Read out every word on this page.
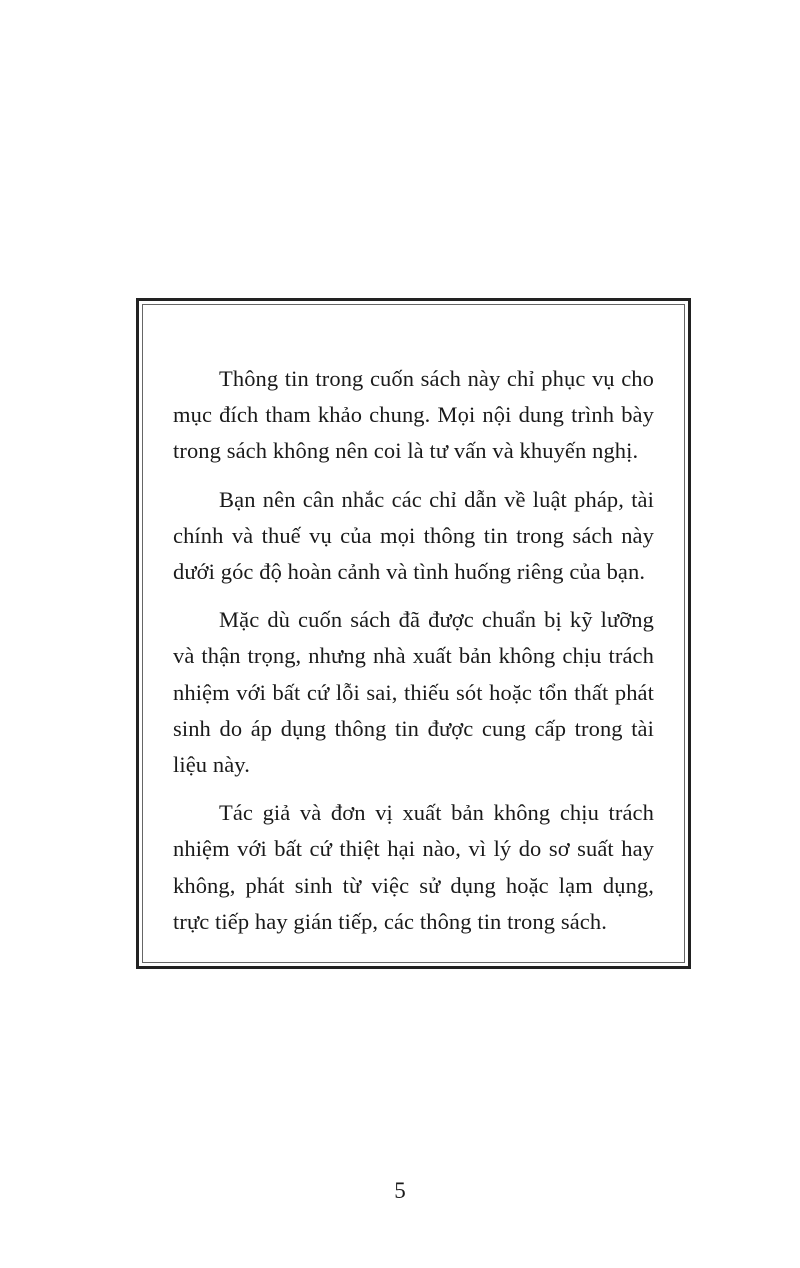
Thông tin trong cuốn sách này chỉ phục vụ cho mục đích tham khảo chung. Mọi nội dung trình bày trong sách không nên coi là tư vấn và khuyến nghị.

Bạn nên cân nhắc các chỉ dẫn về luật pháp, tài chính và thuế vụ của mọi thông tin trong sách này dưới góc độ hoàn cảnh và tình huống riêng của bạn.

Mặc dù cuốn sách đã được chuẩn bị kỹ lưỡng và thận trọng, nhưng nhà xuất bản không chịu trách nhiệm với bất cứ lỗi sai, thiếu sót hoặc tổn thất phát sinh do áp dụng thông tin được cung cấp trong tài liệu này.

Tác giả và đơn vị xuất bản không chịu trách nhiệm với bất cứ thiệt hại nào, vì lý do sơ suất hay không, phát sinh từ việc sử dụng hoặc lạm dụng, trực tiếp hay gián tiếp, các thông tin trong sách.

5
